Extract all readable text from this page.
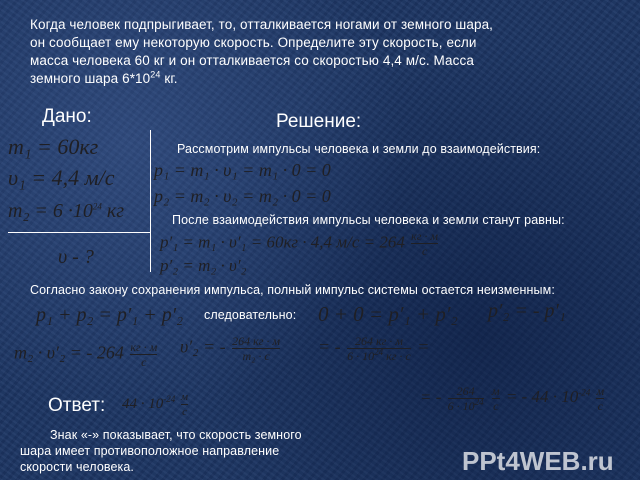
Когда человек подпрыгивает, то, отталкивается ногами от земного шара,
он сообщает ему некоторую скорость. Определите эту скорость, если
масса человека 60 кг и он отталкивается со скоростью 4,4 м/с. Масса
земного шара $6*10^{24}$ кг.
Дано:	Решение:
m₁ = 60кг
υ₁ = 4,4 м/с
$m_2 = 6 \cdot 10^{24}$ кг
υ - ?
Рассмотрим импульсы человека и земли до взаимодействия:
p₁ = m₁ · υ₁ = m₁ · 0 = 0
p₂ = m₂ · υ₂ = m₂ · 0 = 0
После взаимодействия импульсы человека и земли станут равны:
p′₁ = m₁ · υ′₁ = 60кг · 4,4 $м/с = 264 \frac{кг \cdot м}{с}$
p′₂ = m₂ · υ′₂
Согласно закону сохранения импульса, полный импульс системы остается неизменным:
p₁ + p₂ = p′₁ + p′₂ следовательно: 0 + 0 = p′₁ + p′₂ p′₂ = - p′₁
m₂ · υ′₂ = - $264 \frac{кг \cdot м}{с} \upsilon'_2$ = - $\frac{264 кг \cdot м}{\text{m₂ · с}}$ = - $\frac{264 кг \cdot м}{6 \cdot 10^{24} кг \cdot с}$ =
= - $\frac{264}{6 \cdot 10^{24}}$
$\frac{м}{с}$ = - $44 \cdot 10^{-24} \frac{м}{с}$
Ответ: $44 \cdot 10^{-24} \frac{м}{с}$
Знак «-» показывает, что скорость земного
шара имеет противоположное направление
скорости человека.	PPt4WEB.ru
